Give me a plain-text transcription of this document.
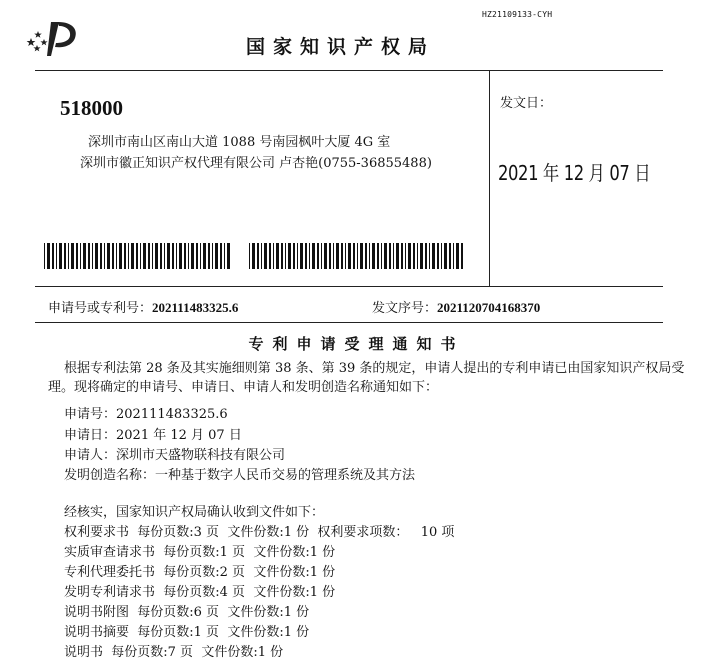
HZ21109133-CYH
国家知识产权局
518000
深圳市南山区南山大道 1088 号南园枫叶大厦 4G 室
深圳市徽正知识产权代理有限公司 卢杏艳(0755-36855488)
发文日：
2021 年 12 月 07 日
申请号或专利号：202111483325.6	发文序号：2021120704168370
专利申请受理通知书
根据专利法第 28 条及其实施细则第 38 条、第 39 条的规定，申请人提出的专利申请已由国家知识产权局受理。现将确定的申请号、申请日、申请人和发明创造名称通知如下：
申请号：202111483325.6
申请日：2021 年 12 月 07 日
申请人：深圳市天盛物联科技有限公司
发明创造名称：一种基于数字人民币交易的管理系统及其方法
经核实，国家知识产权局确认收到文件如下：
权利要求书  每份页数:3 页  文件份数:1 份  权利要求项数：   10 项
实质审查请求书  每份页数:1 页  文件份数:1 份
专利代理委托书  每份页数:2 页  文件份数:1 份
发明专利请求书  每份页数:4 页  文件份数:1 份
说明书附图  每份页数:6 页  文件份数:1 份
说明书摘要  每份页数:1 页  文件份数:1 份
说明书  每份页数:7 页  文件份数:1 份
